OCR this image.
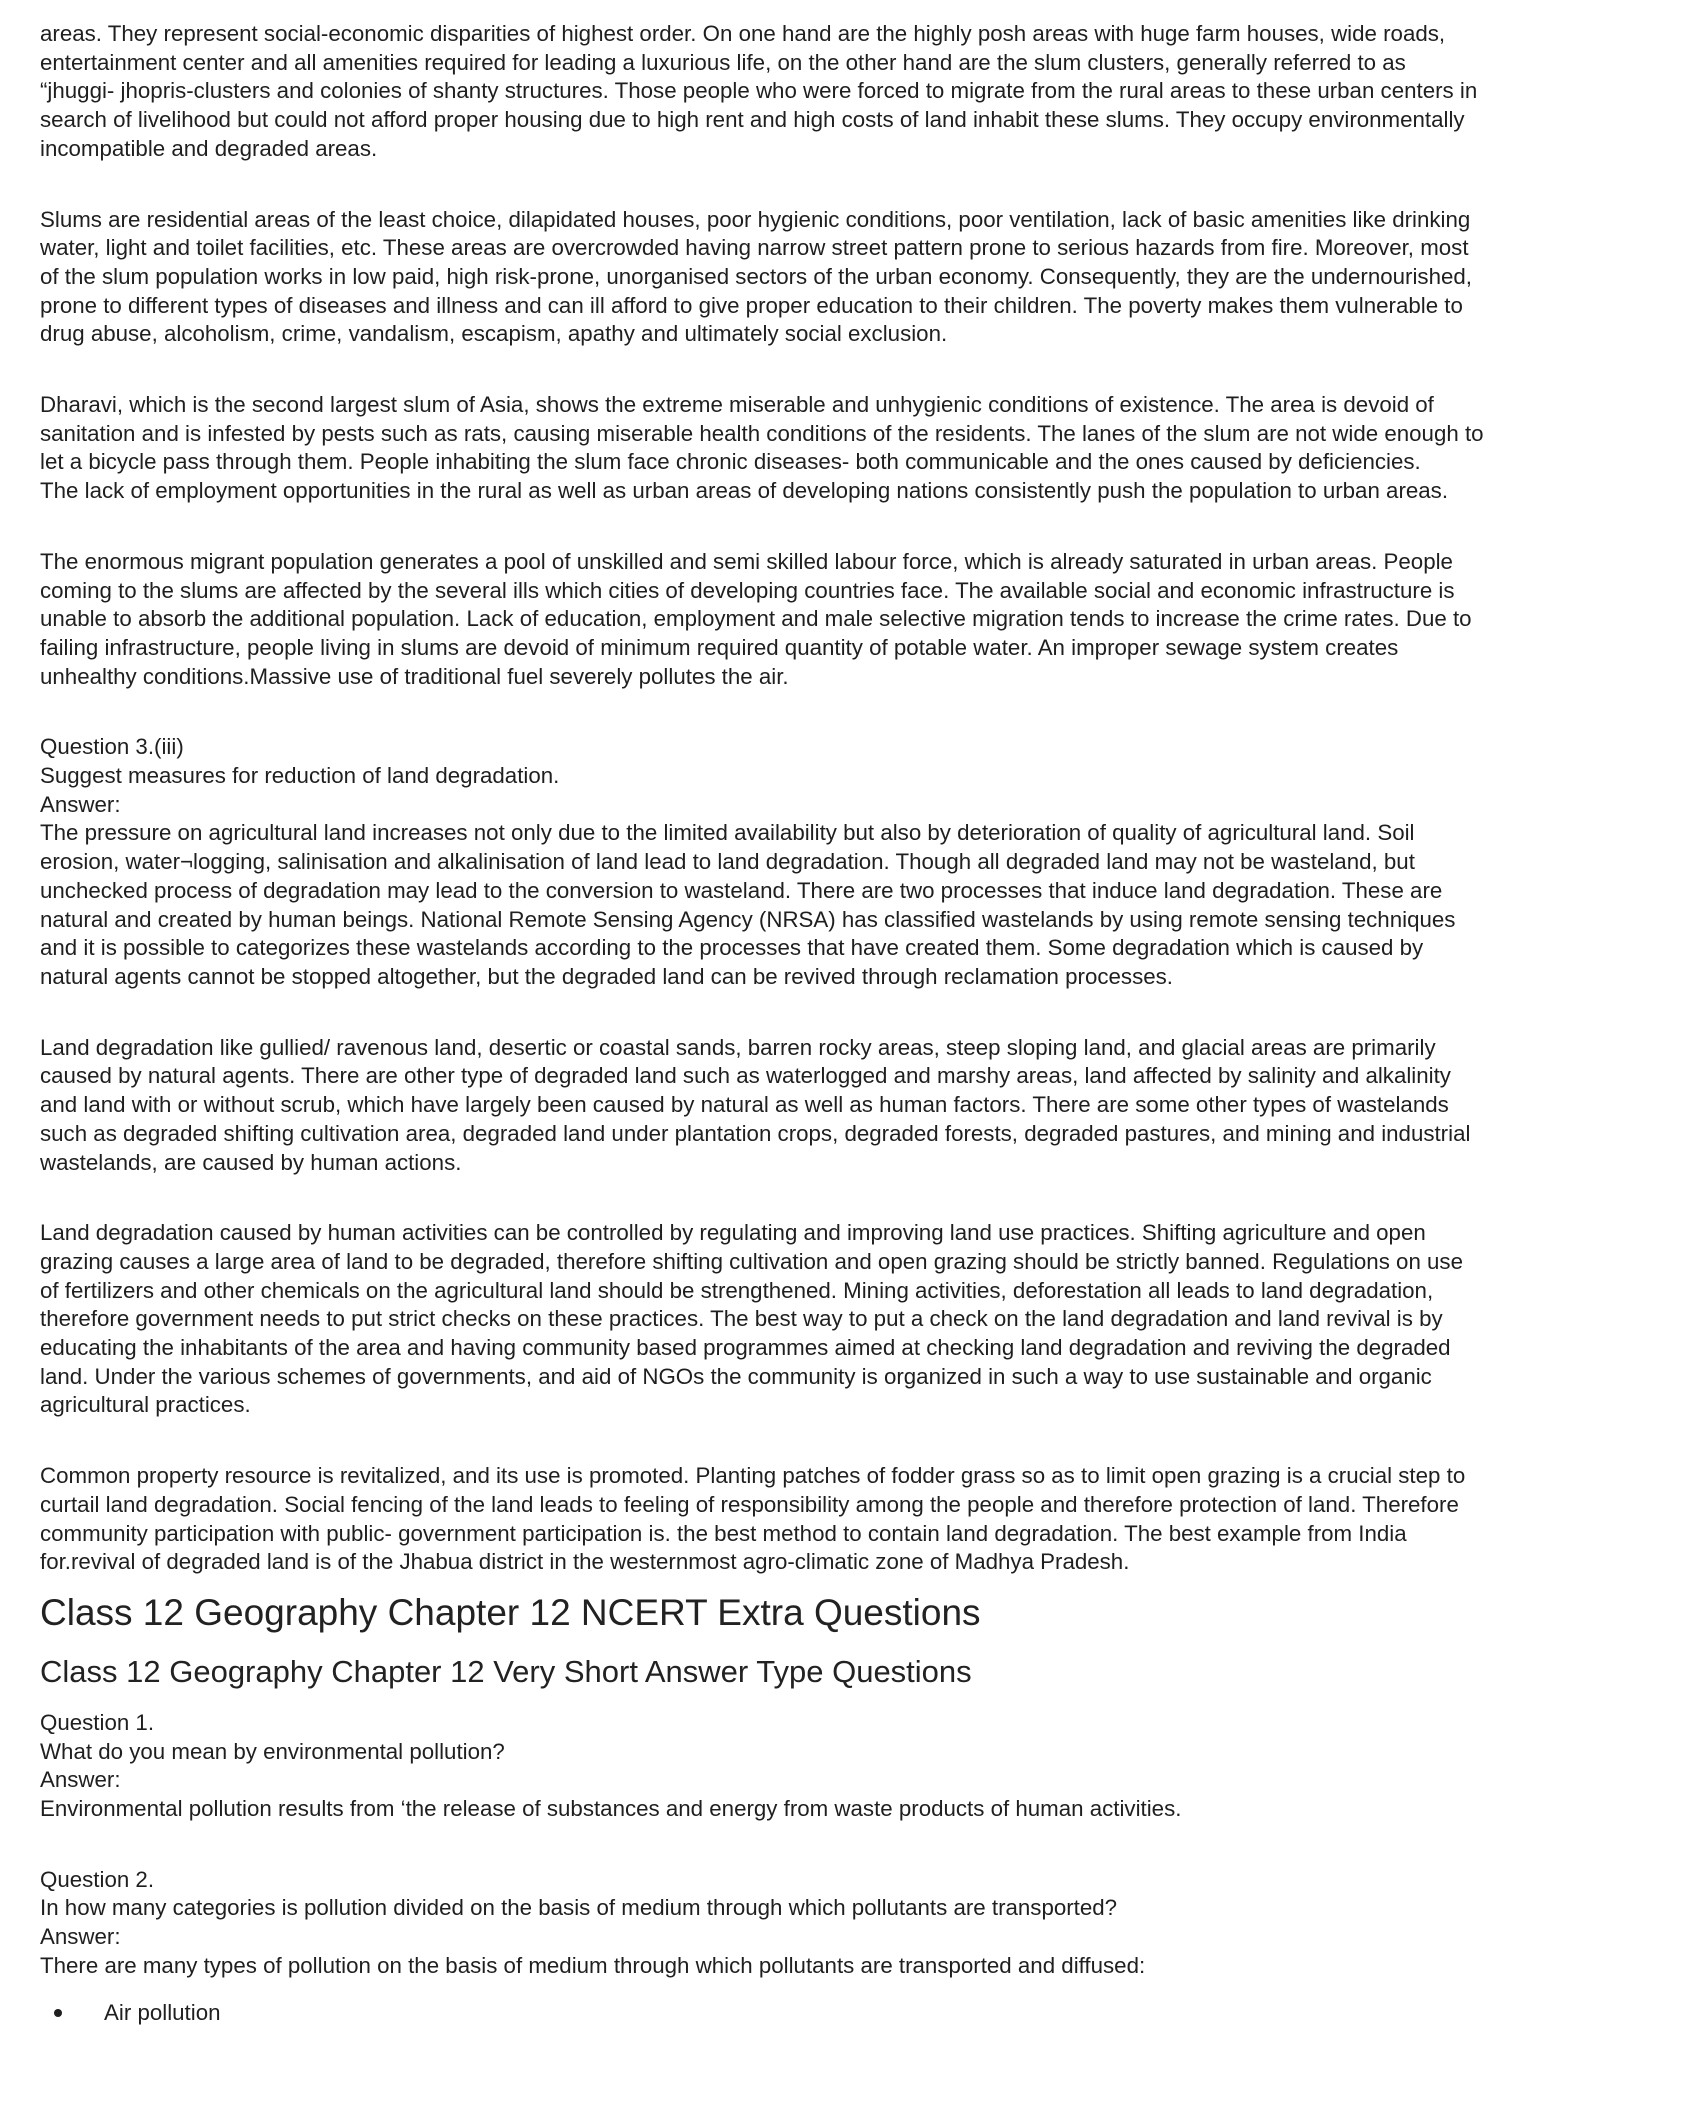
areas. They represent social-economic disparities of highest order. On one hand are the highly posh areas with huge farm houses, wide roads,
entertainment center and all amenities required for leading a luxurious life, on the other hand are the slum clusters, generally referred to as
“jhuggi- jhopris-clusters and colonies of shanty structures. Those people who were forced to migrate from the rural areas to these urban centers in
search of livelihood but could not afford proper housing due to high rent and high costs of land inhabit these slums. They occupy environmentally
incompatible and degraded areas.

Slums are residential areas of the least choice, dilapidated houses, poor hygienic conditions, poor ventilation, lack of basic amenities like drinking
water, light and toilet facilities, etc. These areas are overcrowded having narrow street pattern prone to serious hazards from fire. Moreover, most
of the slum population works in low paid, high risk-prone, unorganised sectors of the urban economy. Consequently, they are the undernourished,
prone to different types of diseases and illness and can ill afford to give proper education to their children. The poverty makes them vulnerable to
drug abuse, alcoholism, crime, vandalism, escapism, apathy and ultimately social exclusion.

Dharavi, which is the second largest slum of Asia, shows the extreme miserable and unhygienic conditions of existence. The area is devoid of
sanitation and is infested by pests such as rats, causing miserable health conditions of the residents. The lanes of the slum are not wide enough to
let a bicycle pass through them. People inhabiting the slum face chronic diseases- both communicable and the ones caused by deficiencies.
The lack of employment opportunities in the rural as well as urban areas of developing nations consistently push the population to urban areas.

The enormous migrant population generates a pool of unskilled and semi skilled labour force, which is already saturated in urban areas. People
coming to the slums are affected by the several ills which cities of developing countries face. The available social and economic infrastructure is
unable to absorb the additional population. Lack of education, employment and male selective migration tends to increase the crime rates. Due to
failing infrastructure, people living in slums are devoid of minimum required quantity of potable water. An improper sewage system creates
unhealthy conditions.Massive use of traditional fuel severely pollutes the air.

Question 3.(iii)
Suggest measures for reduction of land degradation.
Answer:
The pressure on agricultural land increases not only due to the limited availability but also by deterioration of quality of agricultural land. Soil
erosion, water¬logging, salinisation and alkalinisation of land lead to land degradation. Though all degraded land may not be wasteland, but
unchecked process of degradation may lead to the conversion to wasteland. There are two processes that induce land degradation. These are
natural and created by human beings. National Remote Sensing Agency (NRSA) has classified wastelands by using remote sensing techniques
and it is possible to categorizes these wastelands according to the processes that have created them. Some degradation which is caused by
natural agents cannot be stopped altogether, but the degraded land can be revived through reclamation processes.

Land degradation like gullied/ ravenous land, desertic or coastal sands, barren rocky areas, steep sloping land, and glacial areas are primarily
caused by natural agents. There are other type of degraded land such as waterlogged and marshy areas, land affected by salinity and alkalinity
and land with or without scrub, which have largely been caused by natural as well as human factors. There are some other types of wastelands
such as degraded shifting cultivation area, degraded land under plantation crops, degraded forests, degraded pastures, and mining and industrial
wastelands, are caused by human actions.

Land degradation caused by human activities can be controlled by regulating and improving land use practices. Shifting agriculture and open
grazing causes a large area of land to be degraded, therefore shifting cultivation and open grazing should be strictly banned. Regulations on use
of fertilizers and other chemicals on the agricultural land should be strengthened. Mining activities, deforestation all leads to land degradation,
therefore government needs to put strict checks on these practices. The best way to put a check on the land degradation and land revival is by
educating the inhabitants of the area and having community based programmes aimed at checking land degradation and reviving the degraded
land. Under the various schemes of governments, and aid of NGOs the community is organized in such a way to use sustainable and organic
agricultural practices.

Common property resource is revitalized, and its use is promoted. Planting patches of fodder grass so as to limit open grazing is a crucial step to
curtail land degradation. Social fencing of the land leads to feeling of responsibility among the people and therefore protection of land. Therefore
community participation with public- government participation is. the best method to contain land degradation. The best example from India
for.revival of degraded land is of the Jhabua district in the westernmost agro-climatic zone of Madhya Pradesh.

Class 12 Geography Chapter 12 NCERT Extra Questions
Class 12 Geography Chapter 12 Very Short Answer Type Questions
Question 1.
What do you mean by environmental pollution?
Answer:
Environmental pollution results from ‘the release of substances and energy from waste products of human activities.
Question 2.
In how many categories is pollution divided on the basis of medium through which pollutants are transported?
Answer:
There are many types of pollution on the basis of medium through which pollutants are transported and diffused:
Air pollution
